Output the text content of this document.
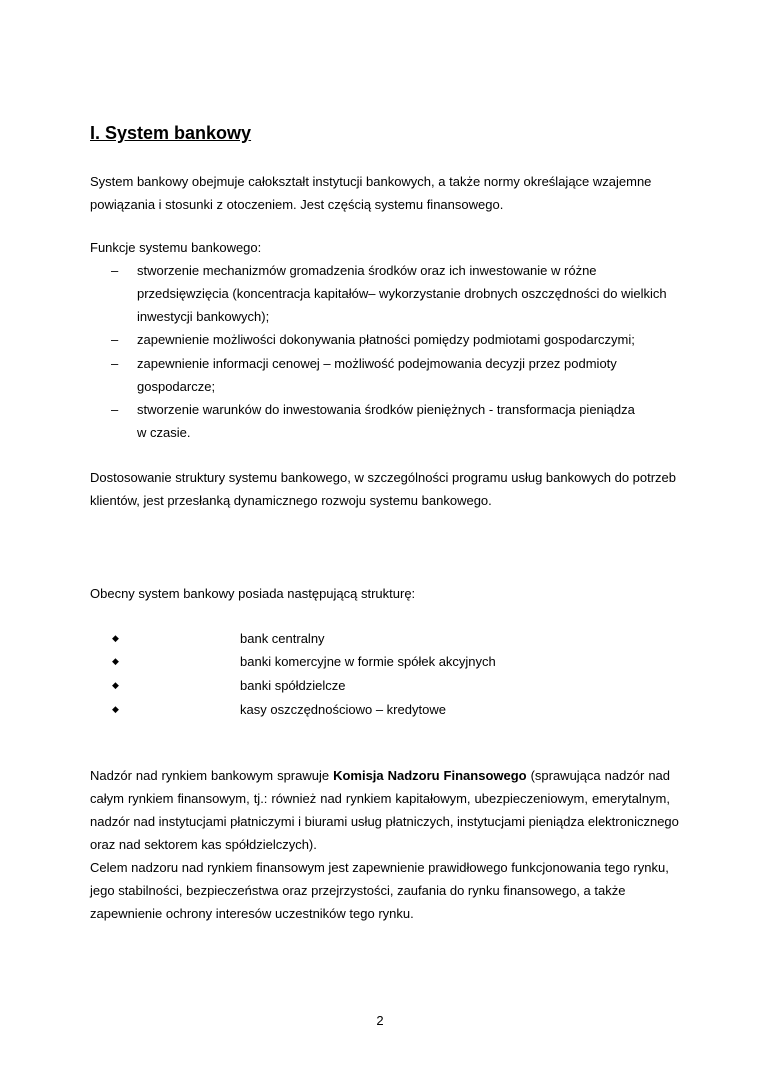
I. System bankowy
System bankowy obejmuje całokształt instytucji bankowych, a także normy określające wzajemne
powiązania i stosunki z otoczeniem. Jest częścią systemu finansowego.
Funkcje systemu bankowego:
– stworzenie mechanizmów gromadzenia środków oraz ich inwestowanie w różne
przedsięwzięcia (koncentracja kapitałów– wykorzystanie drobnych oszczędności do wielkich
inwestycji bankowych);
– zapewnienie możliwości dokonywania płatności pomiędzy podmiotami gospodarczymi;
– zapewnienie informacji cenowej – możliwość podejmowania decyzji przez podmioty
gospodarcze;
– stworzenie warunków do inwestowania środków pieniężnych - transformacja pieniądza
w czasie.
Dostosowanie struktury systemu bankowego, w szczególności programu usług bankowych do potrzeb
klientów, jest przesłanką dynamicznego rozwoju systemu bankowego.
Obecny system bankowy posiada następującą strukturę:
◆	bank centralny
◆	banki komercyjne w formie spółek akcyjnych
◆	banki spółdzielcze
◆	kasy oszczędnościowo – kredytowe
Nadzór nad rynkiem bankowym sprawuje Komisja Nadzoru Finansowego (sprawująca nadzór nad
całym rynkiem finansowym, tj.: również nad rynkiem kapitałowym, ubezpieczeniowym, emerytalnym,
nadzór nad instytucjami płatniczymi i biurami usług płatniczych, instytucjami pieniądza elektronicznego
oraz nad sektorem kas spółdzielczych).
Celem nadzoru nad rynkiem finansowym jest zapewnienie prawidłowego funkcjonowania tego rynku,
jego stabilności, bezpieczeństwa oraz przejrzystości, zaufania do rynku finansowego, a także
zapewnienie ochrony interesów uczestników tego rynku.
2
